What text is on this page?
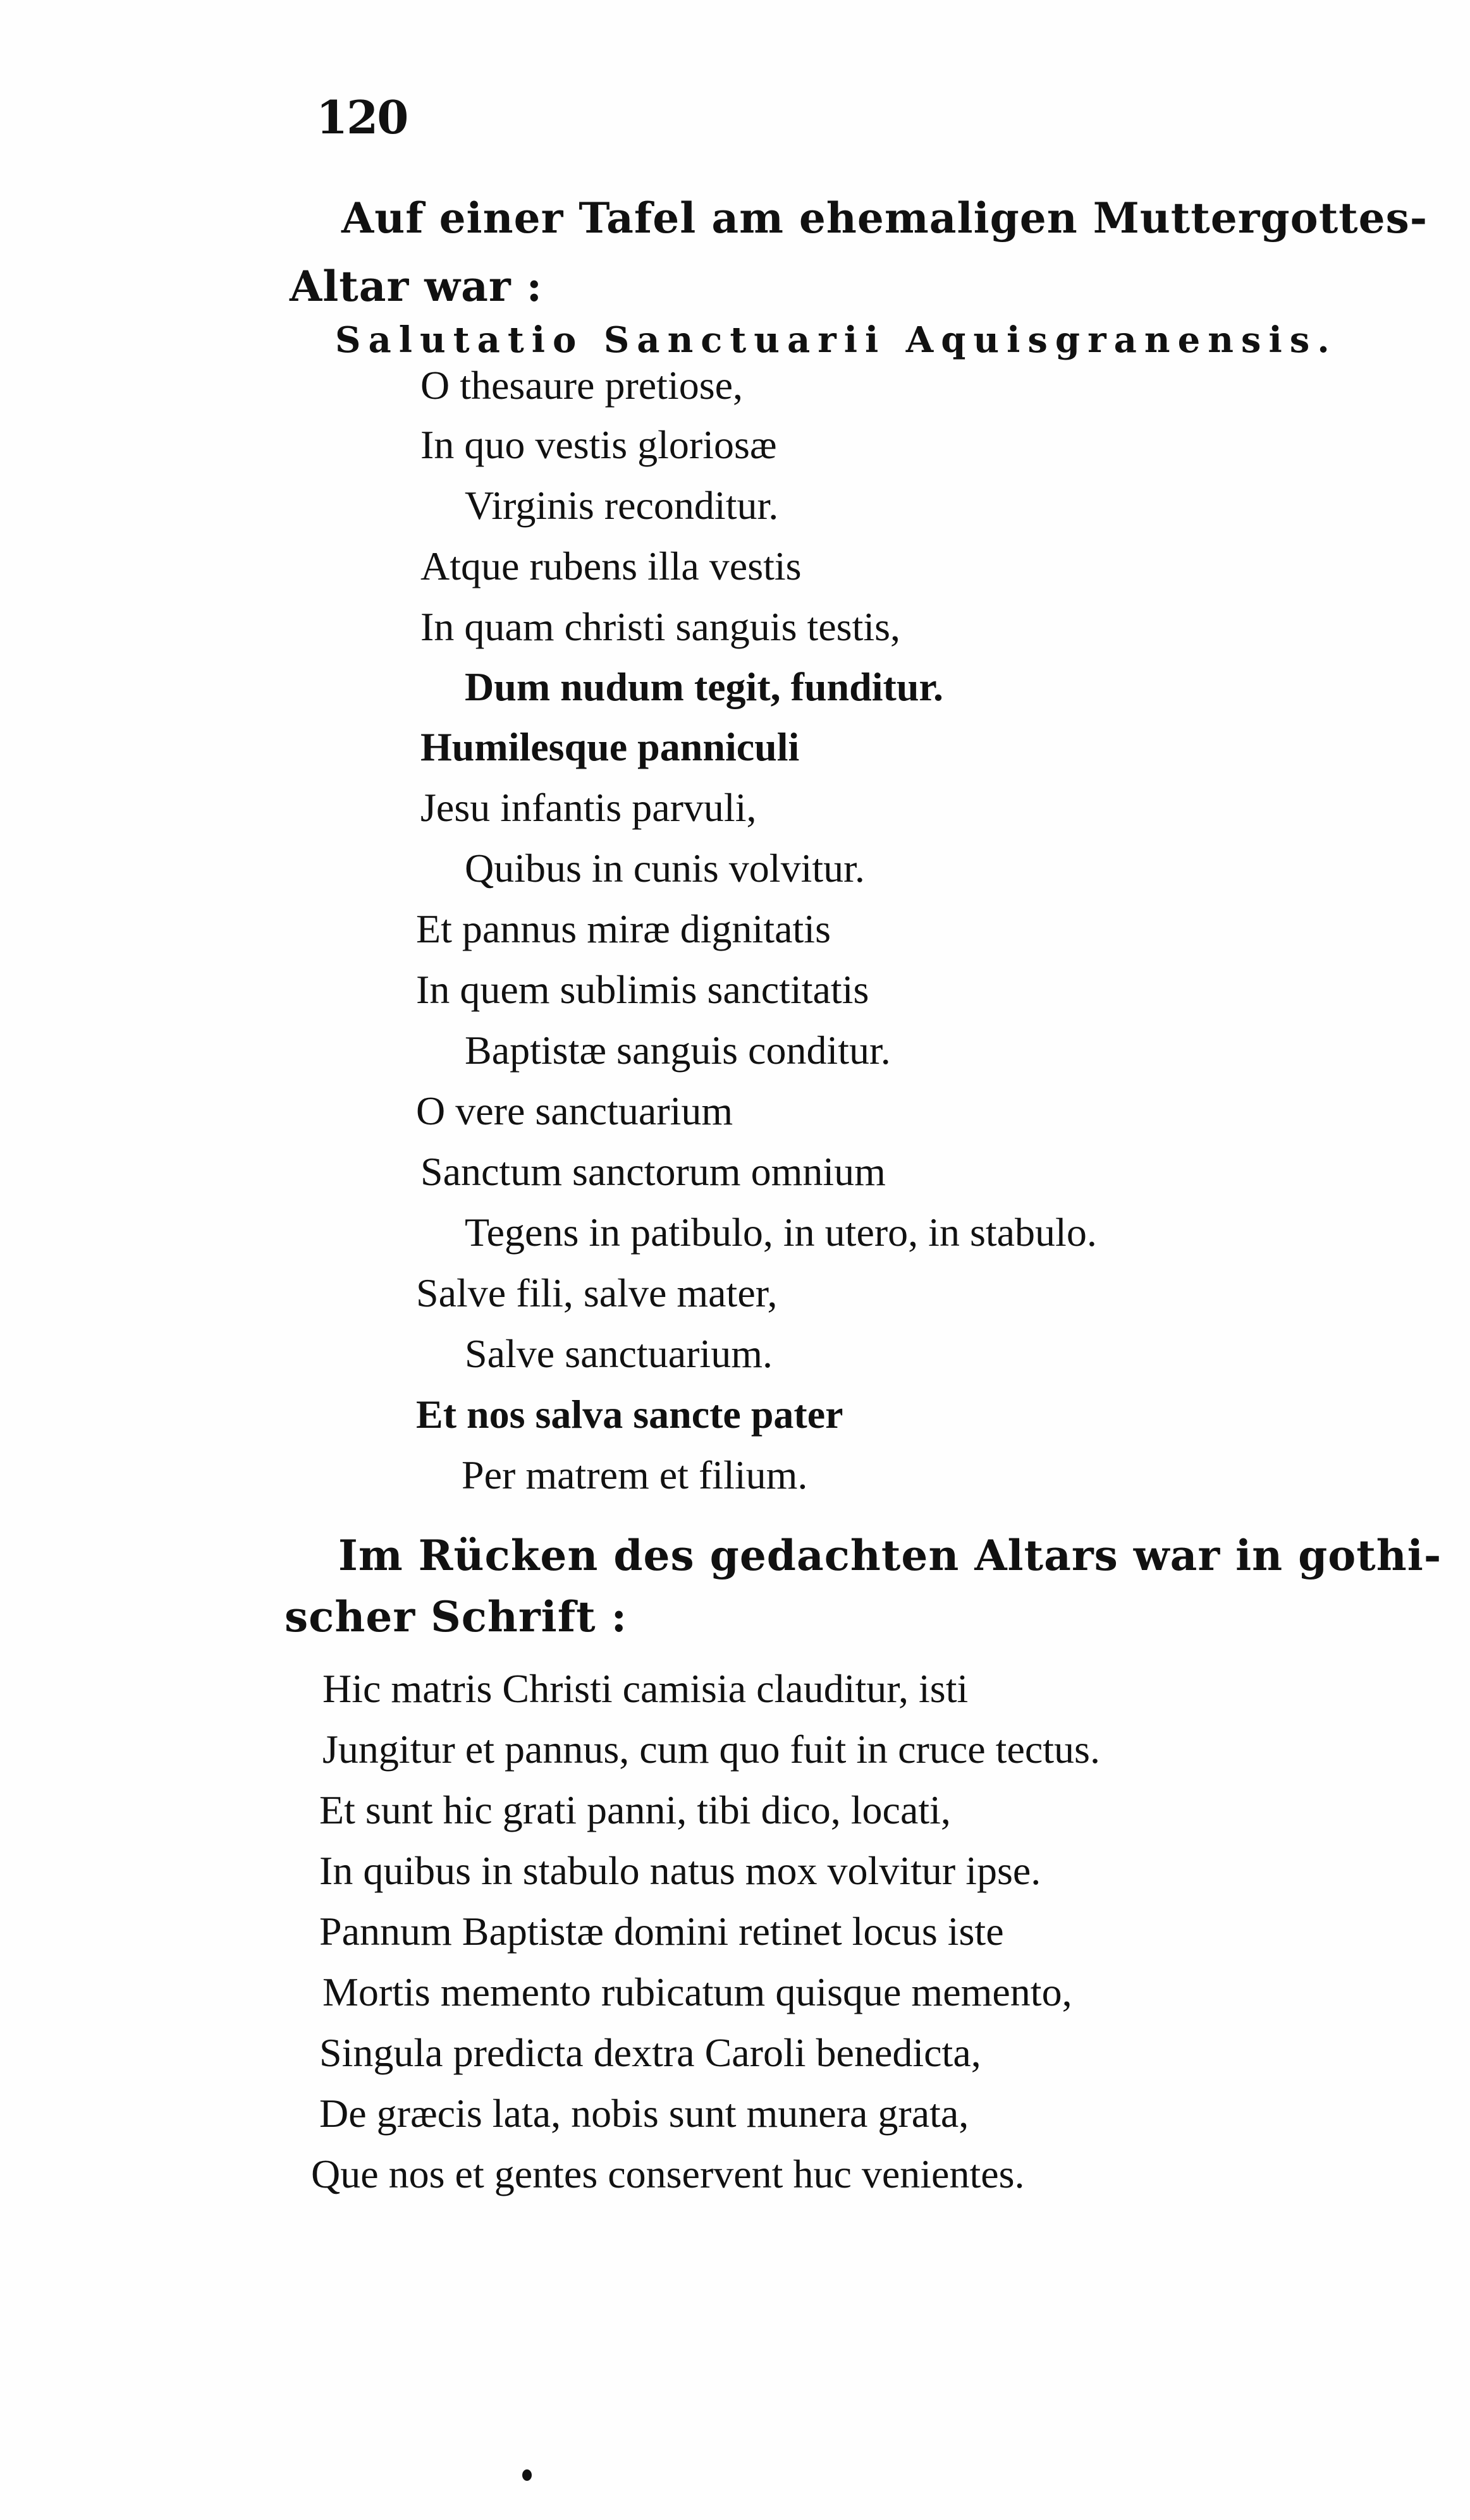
120
Auf einer Tafel am ehemaligen Muttergottes-
Altar war :
Salutatio Sanctuarii Aquisgranensis.
O thesaure pretiose,
In quo vestis gloriosæ
Virginis reconditur.
Atque rubens illa vestis
In quam christi sanguis testis,
Dum nudum tegit, funditur.
Humilesque panniculi
Jesu infantis parvuli,
Quibus in cunis volvitur.
Et pannus miræ dignitatis
In quem sublimis sanctitatis
Baptistæ sanguis conditur.
O vere sanctuarium
Sanctum sanctorum omnium
Tegens in patibulo, in utero, in stabulo.
Salve fili, salve mater,
Salve sanctuarium.
Et nos salva sancte pater
Per matrem et filium.
Im Rücken des gedachten Altars war in gothi-
scher Schrift :
Hic matris Christi camisia clauditur, isti
Jungitur et pannus, cum quo fuit in cruce tectus.
Et sunt hic grati panni, tibi dico, locati,
In quibus in stabulo natus mox volvitur ipse.
Pannum Baptistæ domini retinet locus iste
Mortis memento rubicatum quisque memento,
Singula predicta dextra Caroli benedicta,
De græcis lata, nobis sunt munera grata,
Que nos et gentes conservent huc venientes.
